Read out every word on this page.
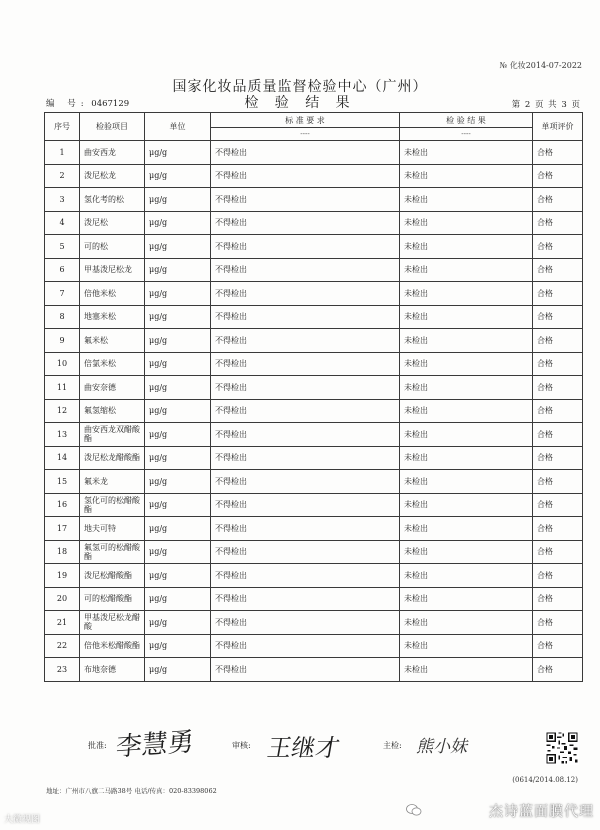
№ 化妆2014-07-2022
国家化妆品质量监督检验中心（广州）
检 验 结 果
编 号: 0467129	第 2 页 共 3 页
序号	检验项目	单位	标 准 要 求	检 验 结 果	单项评价
			----	----	
1	曲安西龙	μg/g	不得检出	未检出	合格
2	泼尼松龙	μg/g	不得检出	未检出	合格
3	氢化考的松	μg/g	不得检出	未检出	合格
4	泼尼松	μg/g	不得检出	未检出	合格
5	可的松	μg/g	不得检出	未检出	合格
6	甲基泼尼松龙	μg/g	不得检出	未检出	合格
7	倍他米松	μg/g	不得检出	未检出	合格
8	地塞米松	μg/g	不得检出	未检出	合格
9	氟米松	μg/g	不得检出	未检出	合格
10	倍氯米松	μg/g	不得检出	未检出	合格
11	曲安奈德	μg/g	不得检出	未检出	合格
12	氟氢缩松	μg/g	不得检出	未检出	合格
13	曲安西龙双醋酸酯	μg/g	不得检出	未检出	合格
14	泼尼松龙醋酸酯	μg/g	不得检出	未检出	合格
15	氟米龙	μg/g	不得检出	未检出	合格
16	氢化可的松醋酸酯	μg/g	不得检出	未检出	合格
17	地夫可特	μg/g	不得检出	未检出	合格
18	氟氢可的松醋酸酯	μg/g	不得检出	未检出	合格
19	泼尼松醋酸酯	μg/g	不得检出	未检出	合格
20	可的松醋酸酯	μg/g	不得检出	未检出	合格
21	甲基泼尼松龙醋酸	μg/g	不得检出	未检出	合格
22	倍他米松醋酸酯	μg/g	不得检出	未检出	合格
23	布地奈德	μg/g	不得检出	未检出	合格
批准: 李慧勇	审核: 王继才	主检: 熊小妹
(0614/2014.08.12)
地址：广州市八旗二马路38号 电话/传真：020-83398062
杰诗蓝面膜代理
大微视图
